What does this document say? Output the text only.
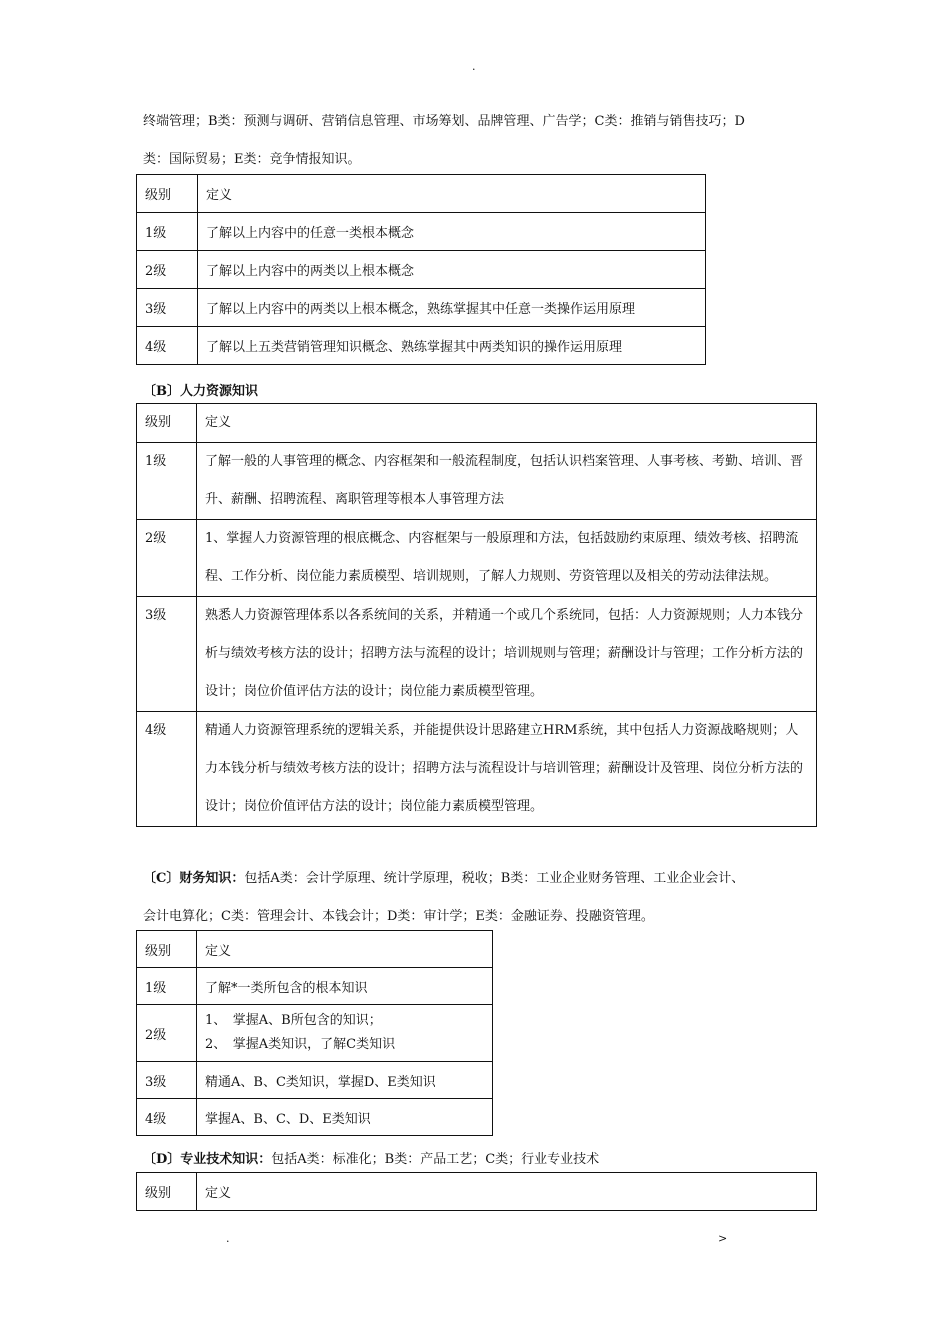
.
终端管理；B类：预测与调研、营销信息管理、市场筹划、品牌管理、广告学；C类：推销与销售技巧；D
类：国际贸易；E类：竞争情报知识。
级别	定义
1级	了解以上内容中的任意一类根本概念
2级	了解以上内容中的两类以上根本概念
3级	了解以上内容中的两类以上根本概念，熟练掌握其中任意一类操作运用原理
4级	了解以上五类营销管理知识概念、熟练掌握其中两类知识的操作运用原理
〔B〕人力资源知识
级别	定义
1级	了解一般的人事管理的概念、内容框架和一般流程制度，包括认识档案管理、人事考核、考勤、培训、晋升、薪酬、招聘流程、离职管理等根本人事管理方法
2级	1、掌握人力资源管理的根底概念、内容框架与一般原理和方法，包括鼓励约束原理、绩效考核、招聘流程、工作分析、岗位能力素质模型、培训规则，了解人力规则、劳资管理以及相关的劳动法律法规。
3级	熟悉人力资源管理体系以各系统间的关系，并精通一个或几个系统同，包括：人力资源规则；人力本钱分析与绩效考核方法的设计；招聘方法与流程的设计；培训规则与管理；薪酬设计与管理；工作分析方法的设计；岗位价值评估方法的设计；岗位能力素质模型管理。
4级	精通人力资源管理系统的逻辑关系，并能提供设计思路建立HRM系统，其中包括人力资源战略规则；人力本钱分析与绩效考核方法的设计；招聘方法与流程设计与培训管理；薪酬设计及管理、岗位分析方法的设计；岗位价值评估方法的设计；岗位能力素质模型管理。
〔C〕财务知识：包括A类：会计学原理、统计学原理，税收；B类：工业企业财务管理、工业企业会计、
会计电算化；C类：管理会计、本钱会计；D类：审计学；E类：金融证券、投融资管理。
级别	定义
1级	了解*一类所包含的根本知识
2级	1、　掌握A、B所包含的知识；
2、　掌握A类知识，了解C类知识

3级	精通A、B、C类知识，掌握D、E类知识
4级	掌握A、B、C、D、E类知识
〔D〕专业技术知识：包括A类：标准化；B类：产品工艺；C类；行业专业技术
级别	定义
.	>
